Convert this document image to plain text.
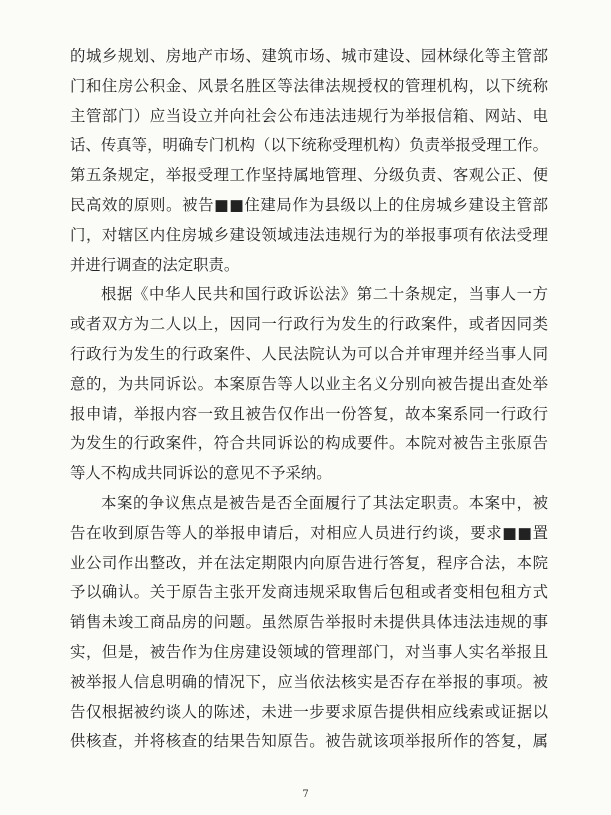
的城乡规划、房地产市场、建筑市场、城市建设、园林绿化等主管部
门和住房公积金、风景名胜区等法律法规授权的管理机构，以下统称
主管部门）应当设立并向社会公布违法违规行为举报信箱、网站、电
话、传真等，明确专门机构（以下统称受理机构）负责举报受理工作。
第五条规定，举报受理工作坚持属地管理、分级负责、客观公正、便
民高效的原则。被告■■住建局作为县级以上的住房城乡建设主管部
门，对辖区内住房城乡建设领域违法违规行为的举报事项有依法受理
并进行调查的法定职责。
根据《中华人民共和国行政诉讼法》第二十条规定，当事人一方
或者双方为二人以上，因同一行政行为发生的行政案件，或者因同类
行政行为发生的行政案件、人民法院认为可以合并审理并经当事人同
意的，为共同诉讼。本案原告等人以业主名义分别向被告提出查处举
报申请，举报内容一致且被告仅作出一份答复，故本案系同一行政行
为发生的行政案件，符合共同诉讼的构成要件。本院对被告主张原告
等人不构成共同诉讼的意见不予采纳。
本案的争议焦点是被告是否全面履行了其法定职责。本案中，被
告在收到原告等人的举报申请后，对相应人员进行约谈，要求■■置
业公司作出整改，并在法定期限内向原告进行答复，程序合法，本院
予以确认。关于原告主张开发商违规采取售后包租或者变相包租方式
销售未竣工商品房的问题。虽然原告举报时未提供具体违法违规的事
实，但是，被告作为住房建设领域的管理部门，对当事人实名举报且
被举报人信息明确的情况下，应当依法核实是否存在举报的事项。被
告仅根据被约谈人的陈述，未进一步要求原告提供相应线索或证据以
供核查，并将核查的结果告知原告。被告就该项举报所作的答复，属
7
